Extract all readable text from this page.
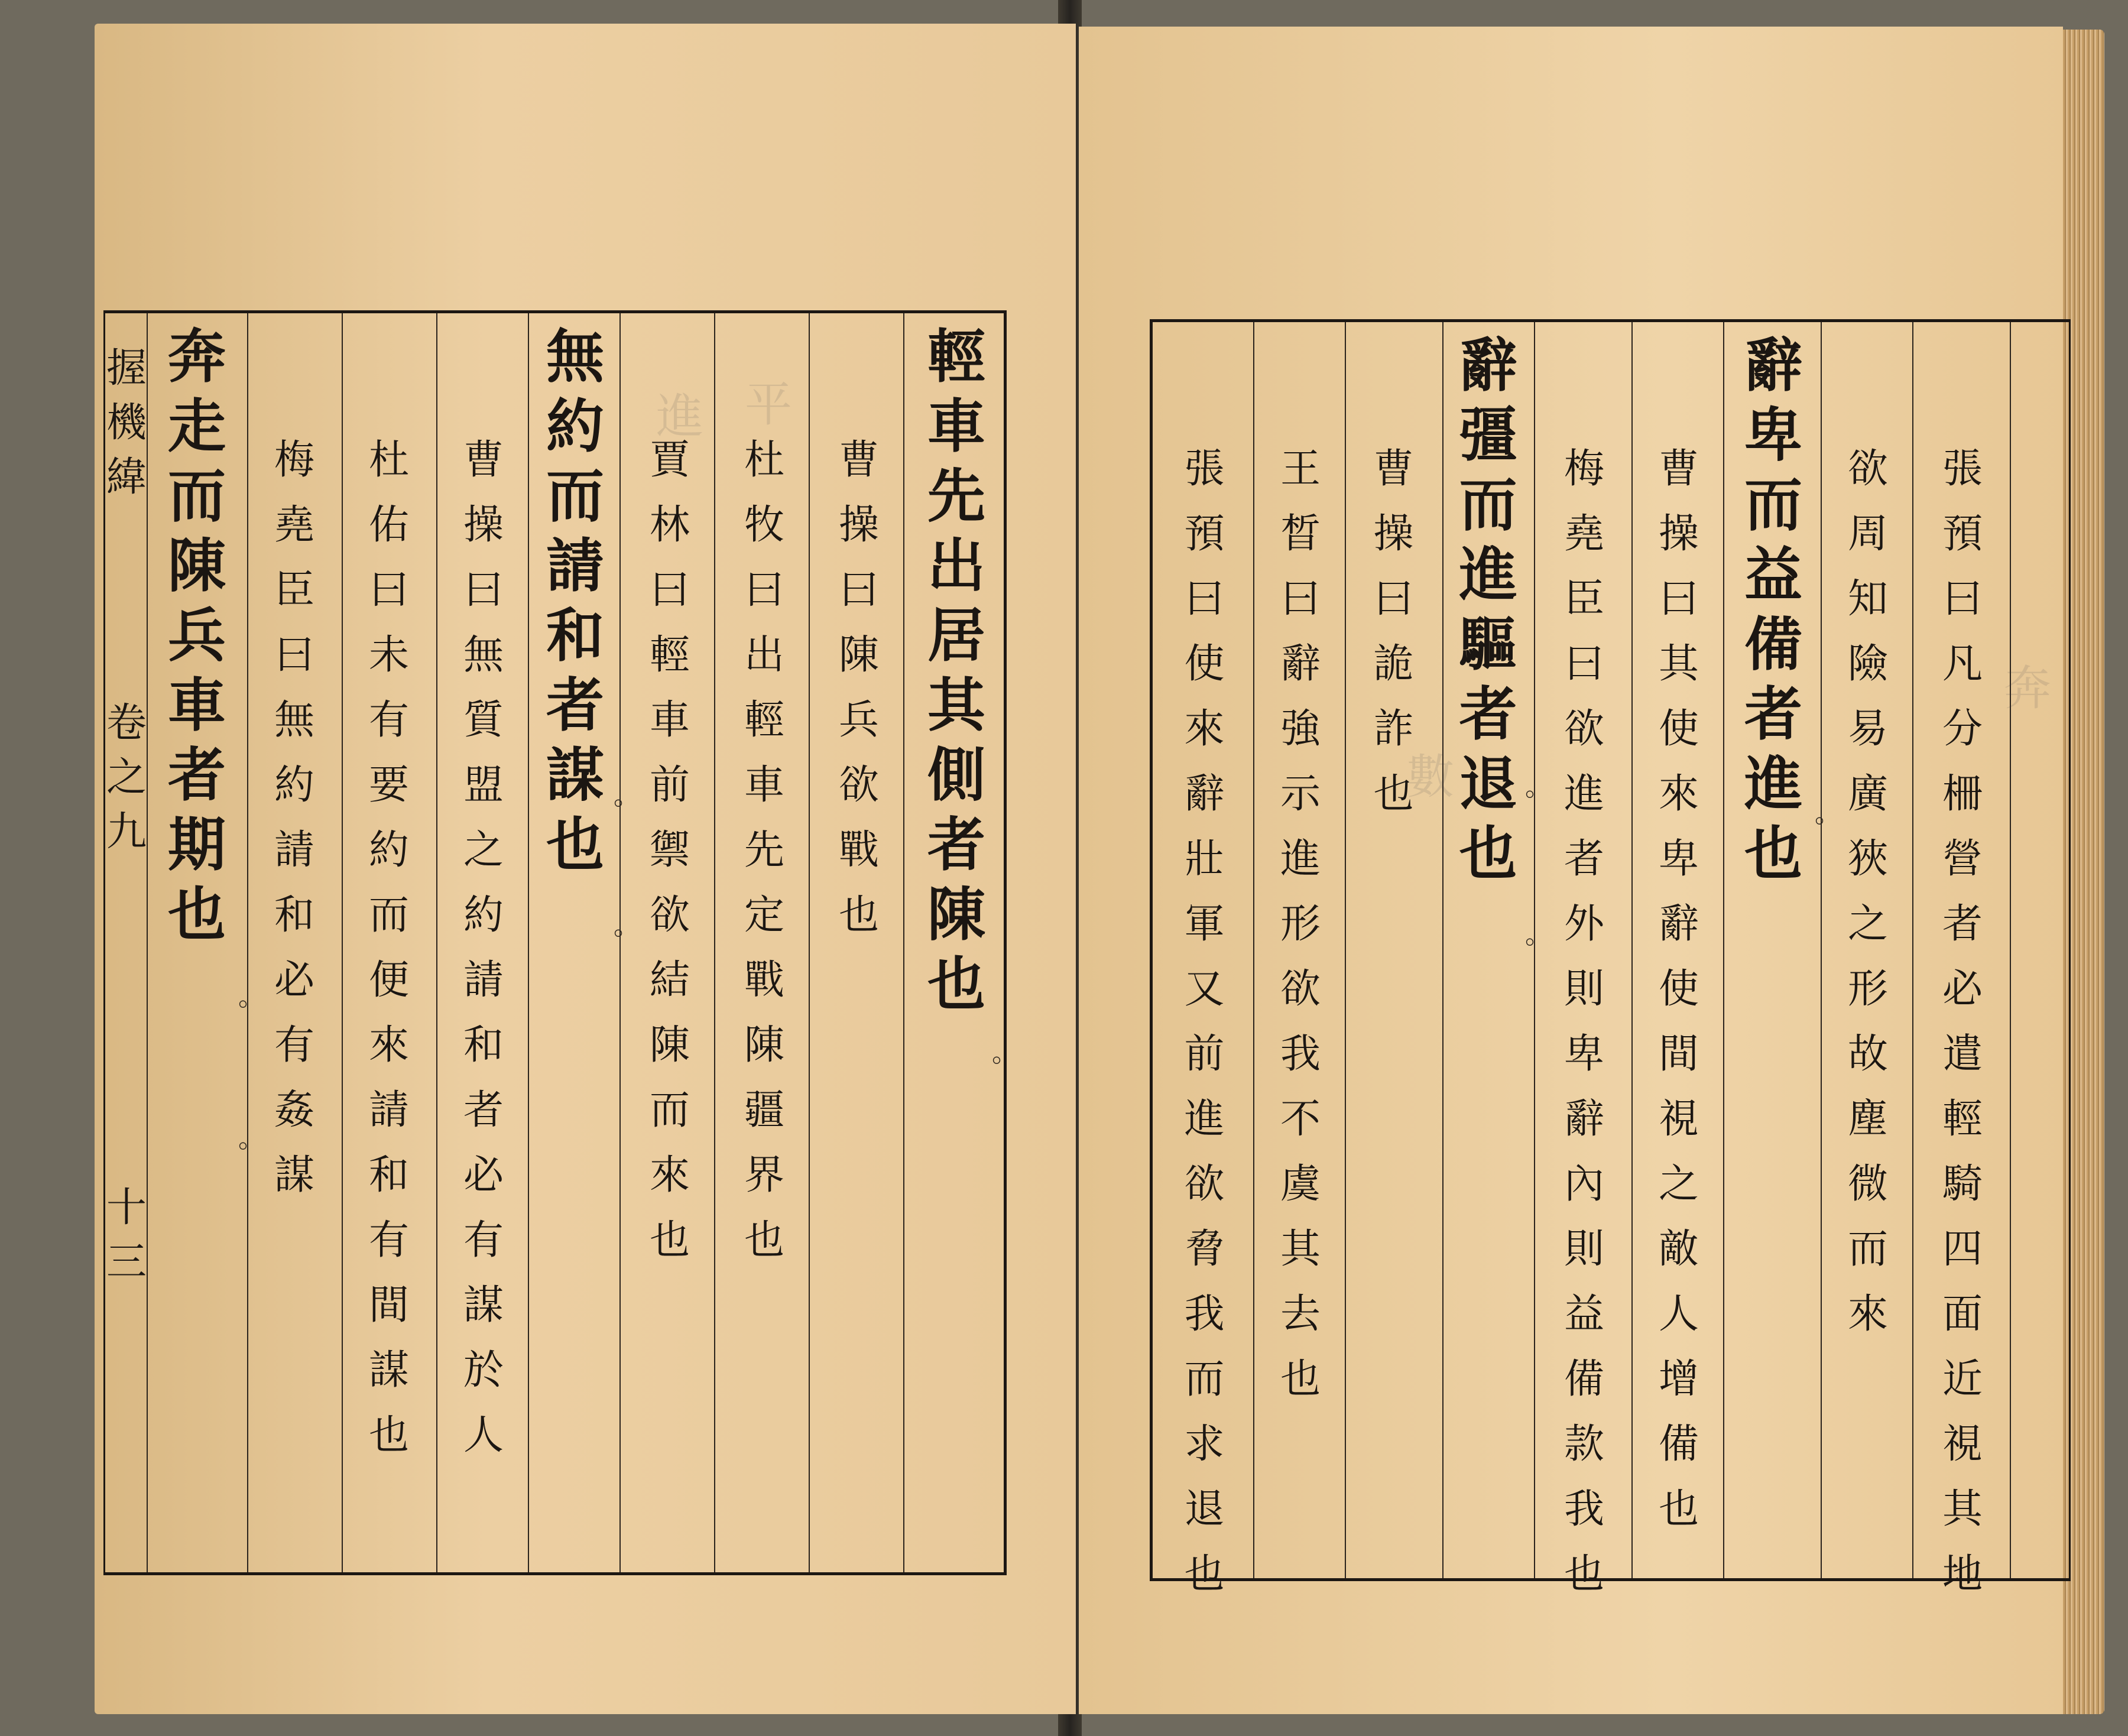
握
機
緯
卷
之
九
十
三
輕
車
先
出
居
其
側
者
陳
也
曹
操
曰
陳
兵
欲
戰
也
杜
牧
曰
出
輕
車
先
定
戰
陳
疆
界
也
賈
林
曰
輕
車
前
禦
欲
結
陳
而
來
也
無
約
而
請
和
者
謀
也
曹
操
曰
無
質
盟
之
約
請
和
者
必
有
謀
於
人
杜
佑
曰
未
有
要
約
而
便
來
請
和
有
間
謀
也
梅
堯
臣
曰
無
約
請
和
必
有
姦
謀
奔
走
而
陳
兵
車
者
期
也
。
。
。
。
。
張
預
曰
凡
分
柵
營
者
必
遣
輕
騎
四
面
近
視
其
地
欲
周
知
險
易
廣
狹
之
形
故
塵
微
而
來
辭
卑
而
益
備
者
進
也
曹
操
曰
其
使
來
卑
辭
使
間
視
之
敵
人
增
備
也
梅
堯
臣
曰
欲
進
者
外
則
卑
辭
內
則
益
備
款
我
也
辭
彊
而
進
驅
者
退
也
曹
操
曰
詭
詐
也
王
晳
曰
辭
強
示
進
形
欲
我
不
虞
其
去
也
張
預
曰
使
來
辭
壯
軍
又
前
進
欲
脅
我
而
求
退
也
。
。
。
平
進
奔
數
